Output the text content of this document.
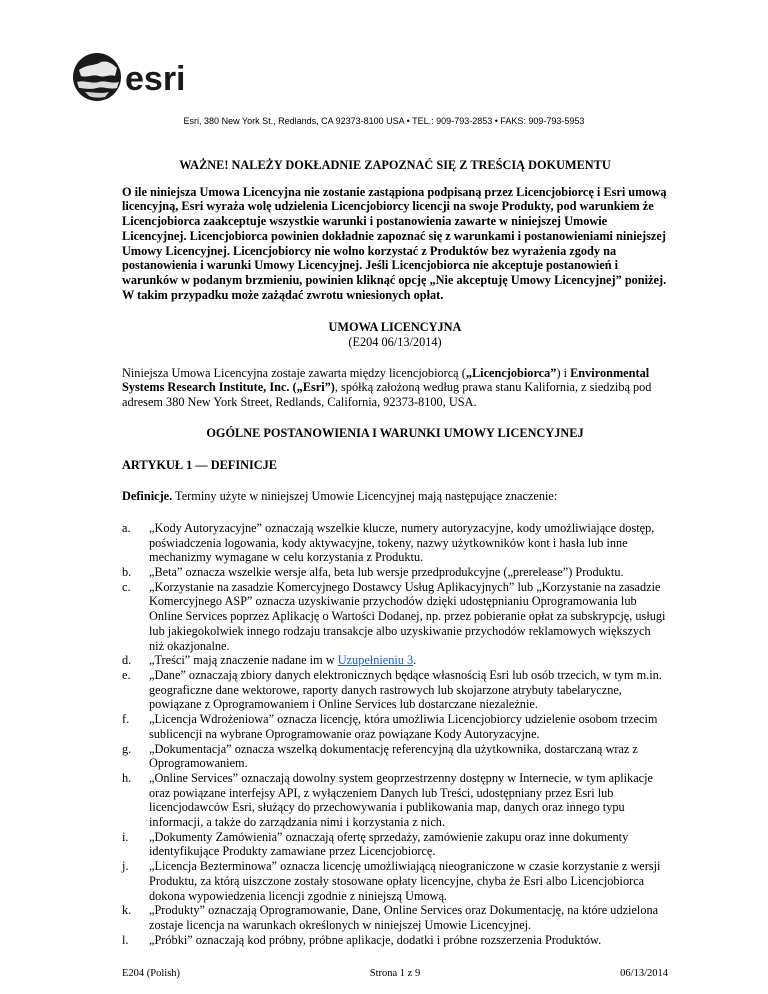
esri
Esri, 380 New York St., Redlands, CA 92373-8100 USA • TEL.: 909-793-2853 • FAKS: 909-793-5953
WAŻNE! NALEŻY DOKŁADNIE ZAPOZNAĆ SIĘ Z TREŚCIĄ DOKUMENTU
O ile niniejsza Umowa Licencyjna nie zostanie zastąpiona podpisaną przez Licencjobiorcę i Esri umową licencyjną, Esri wyraża wolę udzielenia Licencjobiorcy licencji na swoje Produkty, pod warunkiem że Licencjobiorca zaakceptuje wszystkie warunki i postanowienia zawarte w niniejszej Umowie Licencyjnej. Licencjobiorca powinien dokładnie zapoznać się z warunkami i postanowieniami niniejszej Umowy Licencyjnej. Licencjobiorcy nie wolno korzystać z Produktów bez wyrażenia zgody na postanowienia i warunki Umowy Licencyjnej. Jeśli Licencjobiorca nie akceptuje postanowień i warunków w podanym brzmieniu, powinien kliknąć opcję „Nie akceptuję Umowy Licencyjnej” poniżej. W takim przypadku może zażądać zwrotu wniesionych opłat.
UMOWA LICENCYJNA
(E204 06/13/2014)
Niniejsza Umowa Licencyjna zostaje zawarta między licencjobiorcą („Licencjobiorca”) i Environmental Systems Research Institute, Inc. („Esri”), spółką założoną według prawa stanu Kalifornia, z siedzibą pod adresem 380 New York Street, Redlands, California, 92373-8100, USA.
OGÓLNE POSTANOWIENIA I WARUNKI UMOWY LICENCYJNEJ
ARTYKUŁ 1 — DEFINICJE
Definicje. Terminy użyte w niniejszej Umowie Licencyjnej mają następujące znaczenie:
a. „Kody Autoryzacyjne” oznaczają wszelkie klucze, numery autoryzacyjne, kody umożliwiające dostęp, poświadczenia logowania, kody aktywacyjne, tokeny, nazwy użytkowników kont i hasła lub inne mechanizmy wymagane w celu korzystania z Produktu.
b. „Beta” oznacza wszelkie wersje alfa, beta lub wersje przedprodukcyjne („prerelease”) Produktu.
c. „Korzystanie na zasadzie Komercyjnego Dostawcy Usług Aplikacyjnych” lub „Korzystanie na zasadzie Komercyjnego ASP” oznacza uzyskiwanie przychodów dzięki udostępnianiu Oprogramowania lub Online Services poprzez Aplikację o Wartości Dodanej, np. przez pobieranie opłat za subskrypcję, usługi lub jakiegokolwiek innego rodzaju transakcje albo uzyskiwanie przychodów reklamowych większych niż okazjonalne.
d. „Treści” mają znaczenie nadane im w Uzupełnieniu 3.
e. „Dane” oznaczają zbiory danych elektronicznych będące własnością Esri lub osób trzecich, w tym m.in. geograficzne dane wektorowe, raporty danych rastrowych lub skojarzone atrybuty tabelaryczne, powiązane z Oprogramowaniem i Online Services lub dostarczane niezależnie.
f. „Licencja Wdrożeniowa” oznacza licencję, która umożliwia Licencjobiorcy udzielenie osobom trzecim sublicencji na wybrane Oprogramowanie oraz powiązane Kody Autoryzacyjne.
g. „Dokumentacja” oznacza wszelką dokumentację referencyjną dla użytkownika, dostarczaną wraz z Oprogramowaniem.
h. „Online Services” oznaczają dowolny system geoprzestrzenny dostępny w Internecie, w tym aplikacje oraz powiązane interfejsy API, z wyłączeniem Danych lub Treści, udostępniany przez Esri lub licencjodawców Esri, służący do przechowywania i publikowania map, danych oraz innego typu informacji, a także do zarządzania nimi i korzystania z nich.
i. „Dokumenty Zamówienia” oznaczają ofertę sprzedaży, zamówienie zakupu oraz inne dokumenty identyfikujące Produkty zamawiane przez Licencjobiorcę.
j. „Licencja Bezterminowa” oznacza licencję umożliwiającą nieograniczone w czasie korzystanie z wersji Produktu, za którą uiszczone zostały stosowane opłaty licencyjne, chyba że Esri albo Licencjobiorca dokona wypowiedzenia licencji zgodnie z niniejszą Umową.
k. „Produkty” oznaczają Oprogramowanie, Dane, Online Services oraz Dokumentację, na które udzielona zostaje licencja na warunkach określonych w niniejszej Umowie Licencyjnej.
l. „Próbki” oznaczają kod próbny, próbne aplikacje, dodatki i próbne rozszerzenia Produktów.
E204 (Polish)	Strona 1 z 9	06/13/2014
